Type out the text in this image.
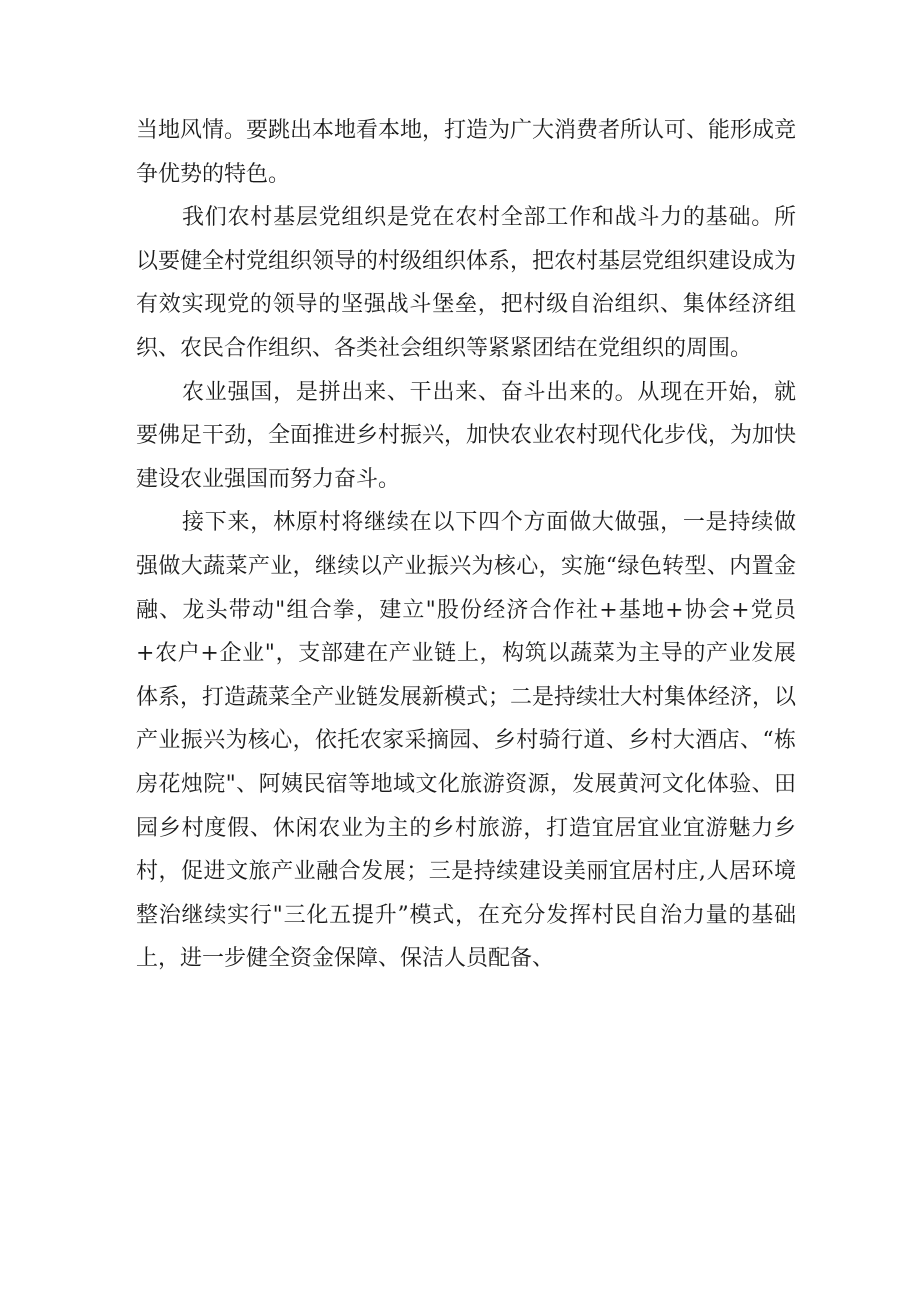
当地风情。要跳出本地看本地，打造为广大消费者所认可、能形成竞争优势的特色。

我们农村基层党组织是党在农村全部工作和战斗力的基础。所以要健全村党组织领导的村级组织体系，把农村基层党组织建设成为有效实现党的领导的坚强战斗堡垒，把村级自治组织、集体经济组织、农民合作组织、各类社会组织等紧紧团结在党组织的周围。

农业强国，是拼出来、干出来、奋斗出来的。从现在开始，就要佛足干劲，全面推进乡村振兴，加快农业农村现代化步伐，为加快建设农业强国而努力奋斗。

接下来，林原村将继续在以下四个方面做大做强，一是持续做强做大蔬菜产业，继续以产业振兴为核心，实施“绿色转型、内置金融、龙头带动"组合拳，建立"股份经济合作社+基地+协会+党员+农户+企业"，支部建在产业链上，构筑以蔬菜为主导的产业发展体系，打造蔬菜全产业链发展新模式；二是持续壮大村集体经济，以产业振兴为核心，依托农家采摘园、乡村骑行道、乡村大酒店、“栋房花烛院"、阿姨民宿等地域文化旅游资源，发展黄河文化体验、田园乡村度假、休闲农业为主的乡村旅游，打造宜居宜业宜游魅力乡村，促进文旅产业融合发展；三是持续建设美丽宜居村庄,人居环境整治继续实行"三化五提升”模式，在充分发挥村民自治力量的基础上，进一步健全资金保障、保洁人员配备、
